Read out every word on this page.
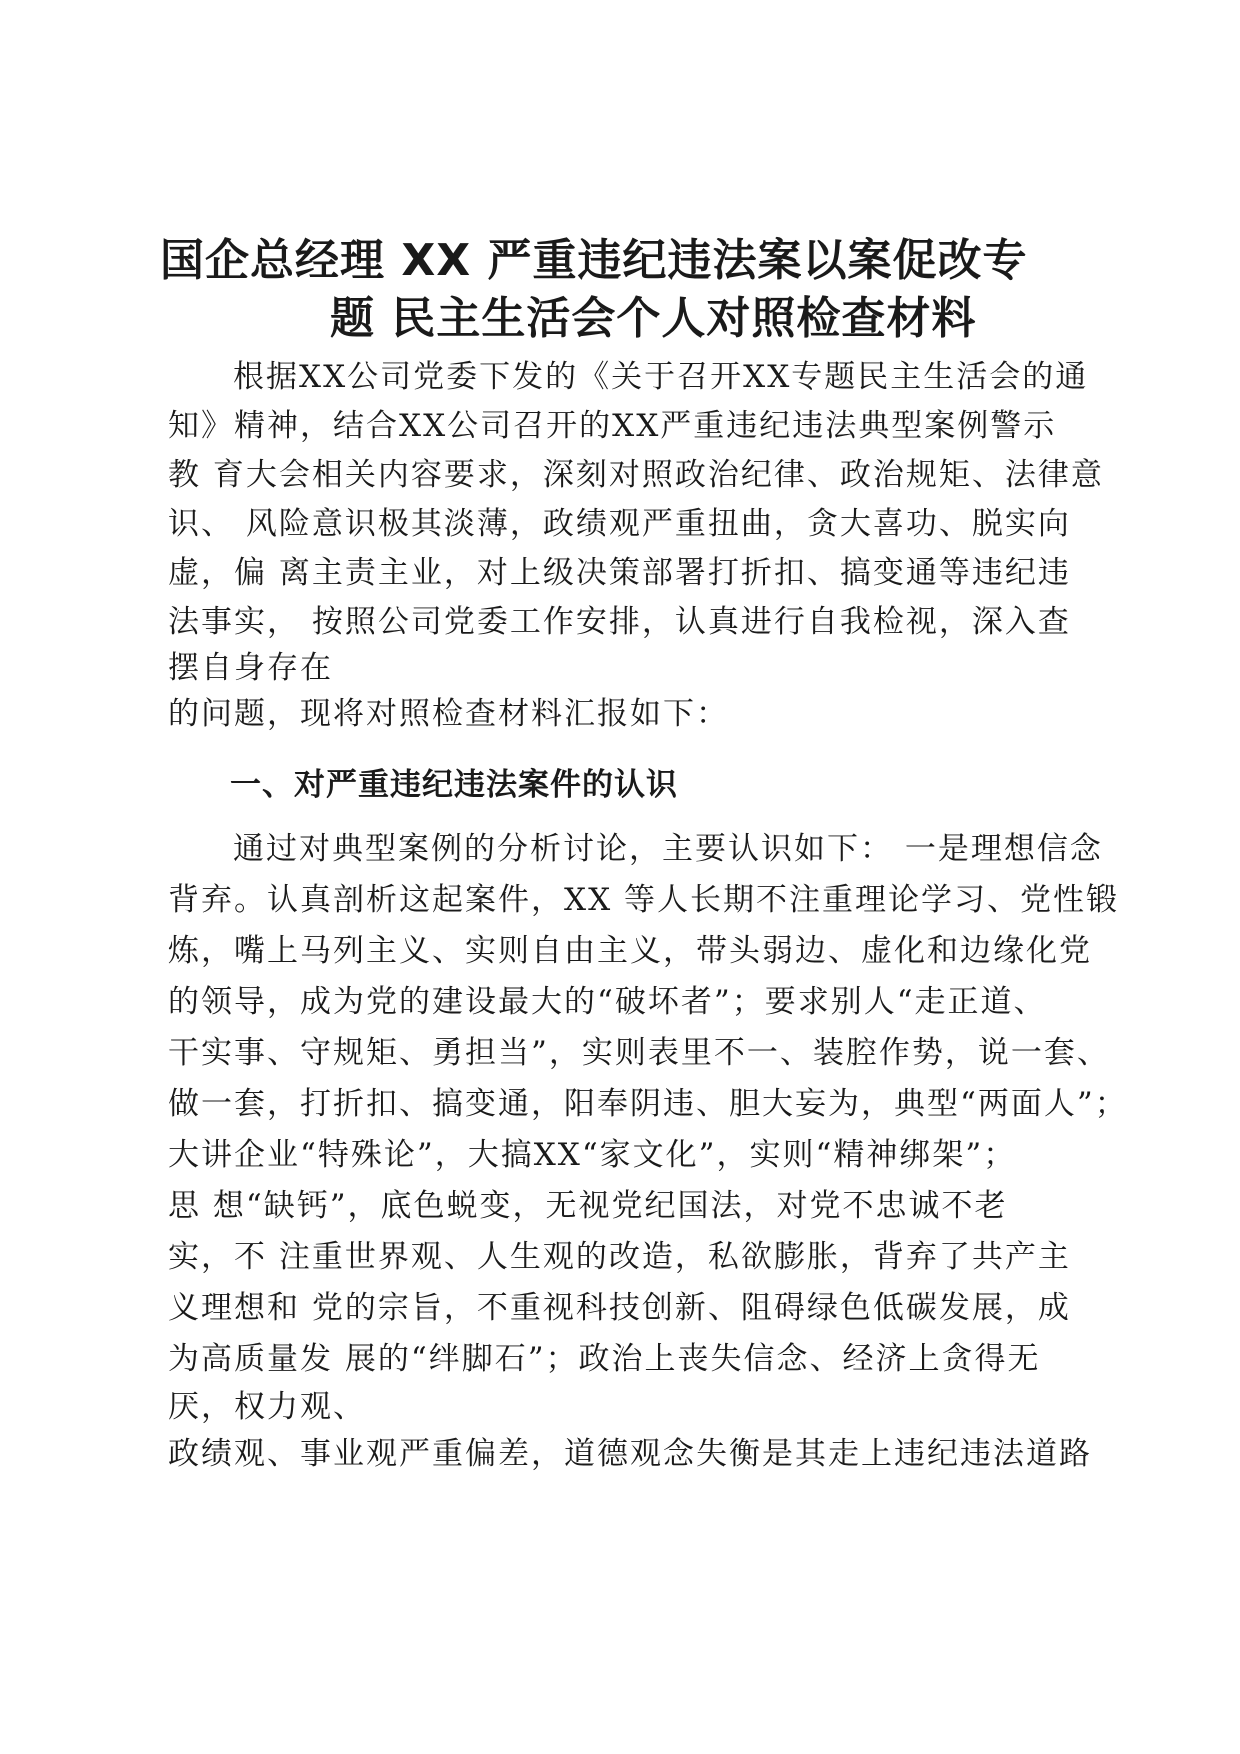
国企总经理 XX 严重违纪违法案以案促改专
题 民主生活会个人对照检查材料

根据XX公司党委下发的《关于召开XX专题民主生活会的通

知》精神，结合XX公司召开的XX严重违纪违法典型案例警示

教 育大会相关内容要求，深刻对照政治纪律、政治规矩、法律意

识、 风险意识极其淡薄，政绩观严重扭曲，贪大喜功、脱实向

虚，偏 离主责主业，对上级决策部署打折扣、搞变通等违纪违

法事实， 按照公司党委工作安排，认真进行自我检视，深入查

摆自身存在

的问题，现将对照检查材料汇报如下：

一、对严重违纪违法案件的认识

通过对典型案例的分析讨论，主要认识如下： 一是理想信念

背弃。认真剖析这起案件，XX 等人长期不注重理论学习、党性锻

炼，嘴上马列主义、实则自由主义，带头弱边、虚化和边缘化党

的领导，成为党的建设最大的“破坏者”；要求别人“走正道、

干实事、守规矩、勇担当”，实则表里不一、装腔作势，说一套、

做一套，打折扣、搞变通，阳奉阴违、胆大妄为，典型“两面人”；

大讲企业“特殊论”，大搞XX“家文化”，实则“精神绑架”；

思 想“缺钙”，底色蜕变，无视党纪国法，对党不忠诚不老

实，不 注重世界观、人生观的改造，私欲膨胀，背弃了共产主

义理想和 党的宗旨，不重视科技创新、阻碍绿色低碳发展，成

为高质量发 展的“绊脚石”；政治上丧失信念、经济上贪得无

厌，权力观、

政绩观、事业观严重偏差，道德观念失衡是其走上违纪违法道路
